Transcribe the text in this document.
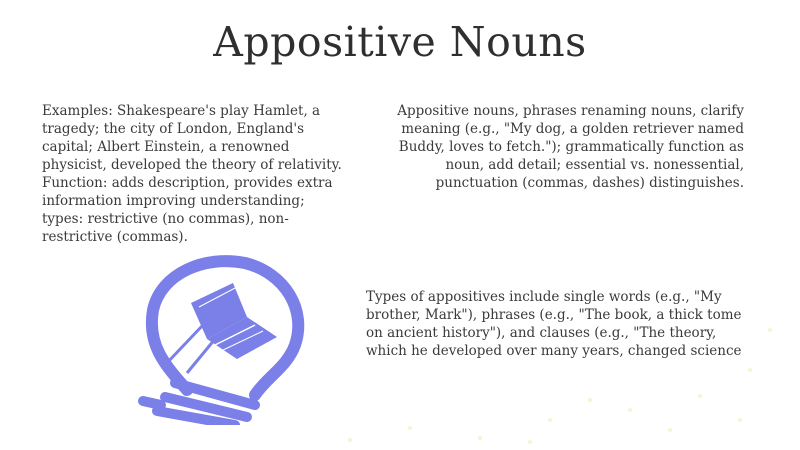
Appositive Nouns
Examples: Shakespeare's play Hamlet, a tragedy; the city of London, England's capital; Albert Einstein, a renowned physicist, developed the theory of relativity. Function: adds description, provides extra information improving understanding; types: restrictive (no commas), non-restrictive (commas).
Appositive nouns, phrases renaming nouns, clarify meaning (e.g., "My dog, a golden retriever named Buddy, loves to fetch."); grammatically function as noun, add detail; essential vs. nonessential, punctuation (commas, dashes) distinguishes.
Types of appositives include single words (e.g., "My brother, Mark"), phrases (e.g., "The book, a thick tome on ancient history"), and clauses (e.g., "The theory, which he developed over many years, changed science
